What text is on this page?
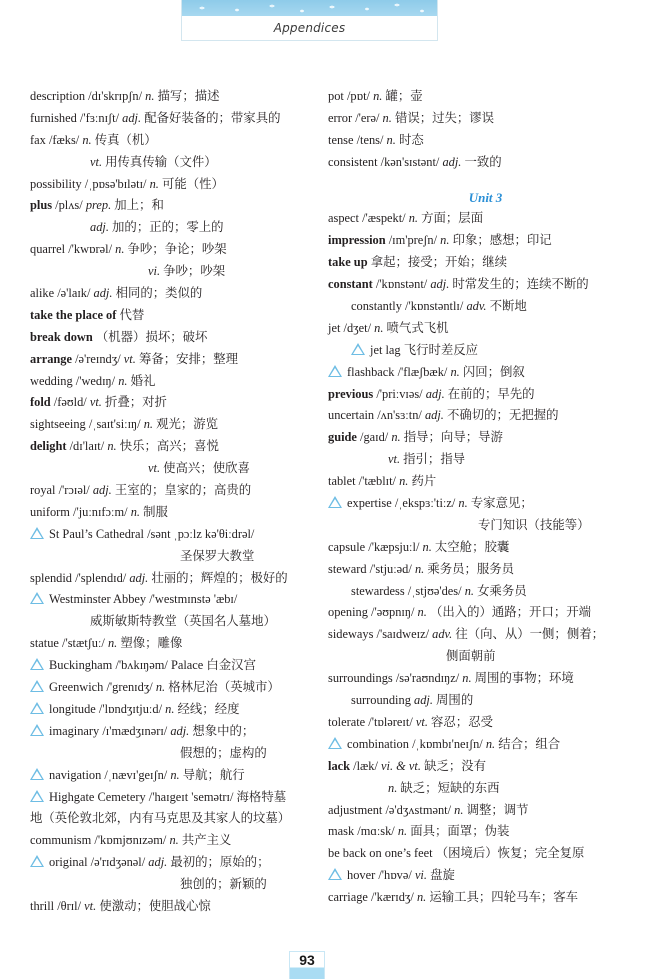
Appendices
description /dɪ'skrɪpʃn/ n. 描写；描述
furnished /'fɜːnɪʃt/ adj. 配备好装备的；带家具的
fax /fæks/ n. 传真（机）
vt. 用传真传输（文件）
possibility /ˌpɒsə'bɪlətɪ/ n. 可能（性）
plus /plʌs/ prep. 加上；和
adj. 加的；正的；零上的
quarrel /'kwɒrəl/ n. 争吵；争论；吵架
vi. 争吵；吵架
alike /ə'laɪk/ adj. 相同的；类似的
take the place of 代替
break down （机器）损坏；破坏
arrange /ə'reɪndʒ/ vt. 筹备；安排；整理
wedding /'wedɪŋ/ n. 婚礼
fold /fəʊld/ vt. 折叠；对折
sightseeing /ˌsaɪt'siːɪŋ/ n. 观光；游览
delight /dɪ'laɪt/ n. 快乐；高兴；喜悦
vt. 使高兴；使欣喜
royal /'rɔɪəl/ adj. 王室的；皇家的；高贵的
uniform /'juːnɪfɔːm/ n. 制服
St Paul’s Cathedral /sənt ˌpɔːlz kə'θiːdrəl/
圣保罗大教堂
splendid /'splendɪd/ adj. 壮丽的；辉煌的；极好的
Westminster Abbey /'westmɪnstə 'æbɪ/
威斯敏斯特教堂（英国名人墓地）
statue /'stætʃuː/ n. 塑像；雕像
Buckingham /'bʌkɪŋəm/ Palace 白金汉宫
Greenwich /'grenɪdʒ/ n. 格林尼治（英城市）
longitude /'lɒndʒɪtjuːd/ n. 经线；经度
imaginary /ɪ'mædʒɪnərɪ/ adj. 想象中的；
假想的；虚构的
navigation /ˌnævɪ'geɪʃn/ n. 导航；航行
Highgate Cemetery /'haɪgeɪt 'semətrɪ/ 海格特墓
地（英伦敦北郊，内有马克思及其家人的坟墓）
communism /'kɒmjʊnɪzəm/ n. 共产主义
original /ə'rɪdʒənəl/ adj. 最初的；原始的；
独创的；新颖的
thrill /θrɪl/ vt. 使激动；使胆战心惊
pot /pɒt/ n. 罐；壶
error /'erə/ n. 错误；过失；谬误
tense /tens/ n. 时态
consistent /kən'sɪstənt/ adj. 一致的
Unit 3
aspect /'æspekt/ n. 方面；层面
impression /ɪm'preʃn/ n. 印象；感想；印记
take up 拿起；接受；开始；继续
constant /'kɒnstənt/ adj. 时常发生的；连续不断的
constantly /'kɒnstəntlɪ/ adv. 不断地
jet /dʒet/ n. 喷气式飞机
jet lag 飞行时差反应
flashback /'flæʃbæk/ n. 闪回；倒叙
previous /'priːvɪəs/ adj. 在前的；早先的
uncertain /ʌn'sɜːtn/ adj. 不确切的；无把握的
guide /gaɪd/ n. 指导；向导；导游
vt. 指引；指导
tablet /'tæblɪt/ n. 药片
expertise /ˌekspɜː'tiːz/ n. 专家意见；
专门知识（技能等）
capsule /'kæpsjuːl/ n. 太空舱；胶囊
steward /'stjuːəd/ n. 乘务员；服务员
stewardess /ˌstjʊə'des/ n. 女乘务员
opening /'əʊpnɪŋ/ n. （出入的）通路；开口；开端
sideways /'saɪdweɪz/ adv. 往（向、从）一侧；侧着；
侧面朝前
surroundings /sə'raʊndɪŋz/ n. 周围的事物；环境
surrounding adj. 周围的
tolerate /'tɒləreɪt/ vt. 容忍；忍受
combination /ˌkɒmbɪ'neɪʃn/ n. 结合；组合
lack /læk/ vi. & vt. 缺乏；没有
n. 缺乏；短缺的东西
adjustment /ə'dʒʌstmənt/ n. 调整；调节
mask /mɑːsk/ n. 面具；面罩；伪装
be back on one’s feet （困境后）恢复；完全复原
hover /'hɒvə/ vi. 盘旋
carriage /'kærɪdʒ/ n. 运输工具；四轮马车；客车
93
